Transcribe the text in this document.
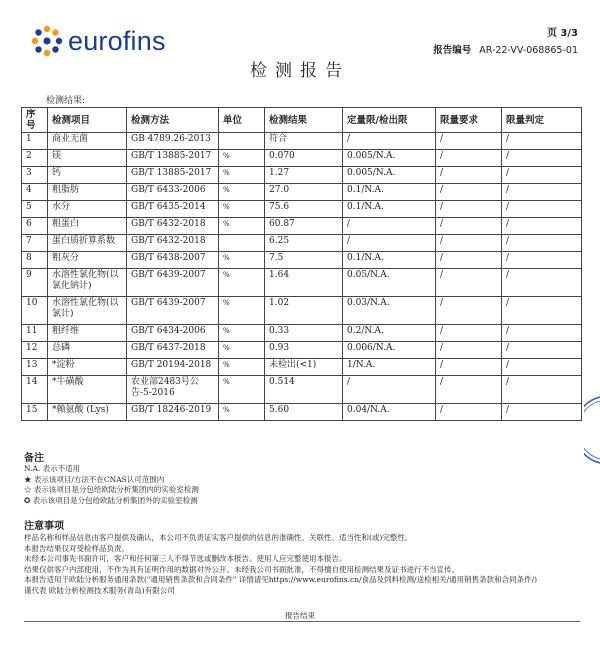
eurofins	页 3/3
报告编号 AR-22-VV-068865-01
检测报告
检测结果:
序号	检测项目	检测方法	单位	检测结果	定量限/检出限	限量要求	限量判定
1	商业无菌	GB 4789.26-2013		符合	/	/	/
2	镁	GB/T 13885-2017	%	0.070	0.005/N.A.	/	/
3	钙	GB/T 13885-2017	%	1.27	0.005/N.A.	/	/
4	粗脂肪	GB/T 6433-2006	%	27.0	0.1/N.A.	/	/
5	水分	GB/T 6435-2014	%	75.6	0.1/N.A.	/	/
6	粗蛋白	GB/T 6432-2018	%	60.87	/	/	/
7	蛋白质折算系数	GB/T 6432-2018		6.25	/	/	/
8	粗灰分	GB/T 6438-2007	%	7.5	0.1/N.A.	/	/
9	水溶性氯化物(以氯化钠计)	GB/T 6439-2007	%	1.64	0.05/N.A.	/	/
10	水溶性氯化物(以氯计)	GB/T 6439-2007	%	1.02	0.03/N.A.	/	/
11	粗纤维	GB/T 6434-2006	%	0.33	0.2/N.A.	/	/
12	总磷	GB/T 6437-2018	%	0.93	0.006/N.A.	/	/
13	*淀粉	GB/T 20194-2018	%	未检出(<1)	1/N.A.	/	/
14	*牛磺酸	农业部2483号公告-5-2016	%	0.514	/	/	/
15	*赖氨酸 (Lys)	GB/T 18246-2019	%	5.60	0.04/N.A.	/	/
备注
N.A. 表示不适用
★ 表示该项目/方法不在CNAS认可范围内
☆ 表示该项目是分包给欧陆分析集团内的实验室检测
✪ 表示该项目是分包给欧陆分析集团外的实验室检测
注意事项
样品名称和样品信息由客户提供及确认，本公司不负责证实客户提供的信息的准确性、关联性、适当性和(或)完整性。
本报告结果仅对受检样品负责。
未经本公司事先书面许可，客户和任何第三人不得节选或删改本报告。使用人应完整使用本报告。
结果仅供客户内部使用，不作为具有证明作用的数据对外公开。未经我公司书面批准，不得擅自使用检测结果及证书进行不当宣传。
本报告适用于欧陆分析服务通用条款("通用销售条款和合同条件" 详情请见https://www.eurofins.cn/食品及饲料检测/送检相关/通用销售条款和合同条件/)
谨代表 欧陆分析检测技术服务(青岛)有限公司
报告结束
